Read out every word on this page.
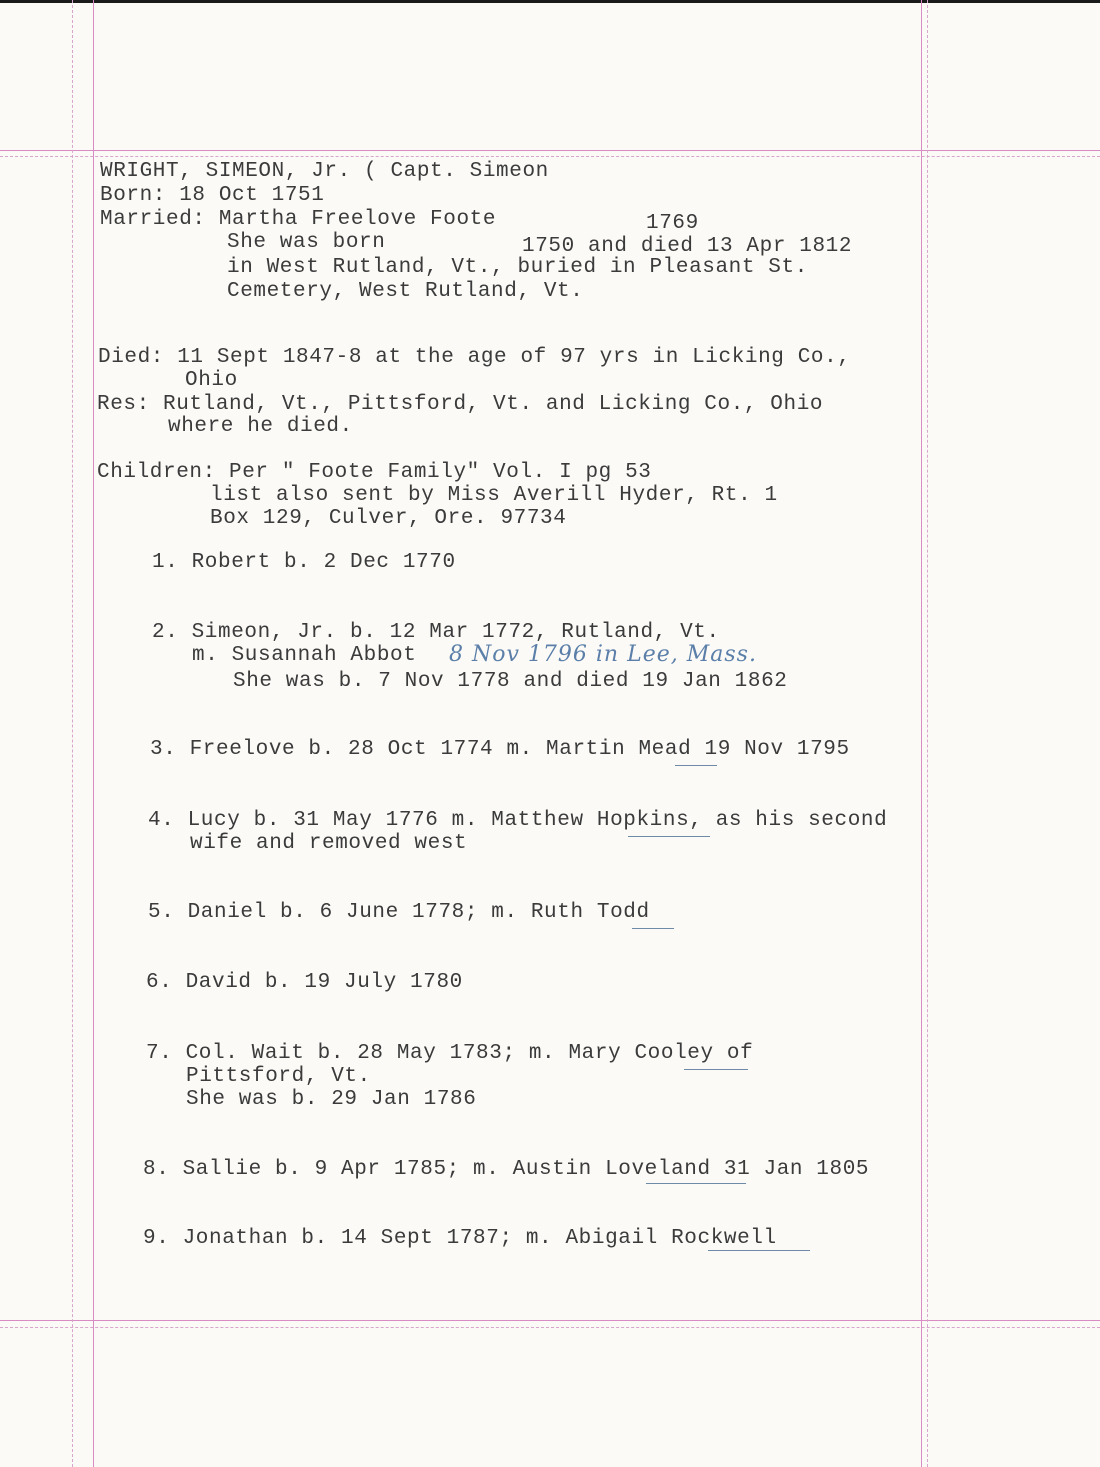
WRIGHT, SIMEON, Jr. ( Capt. Simeon
Born: 18 Oct 1751
Married: Martha Freelove Foote	1769
She was born	1750 and died 13 Apr 1812
in West Rutland, Vt., buried in Pleasant St.
Cemetery, West Rutland, Vt.
Died: 11 Sept 1847-8 at the age of 97 yrs in Licking Co.,
Ohio
Res: Rutland, Vt., Pittsford, Vt. and Licking Co., Ohio
where he died.
Children: Per " Foote Family" Vol. I pg 53
list also sent by Miss Averill Hyder, Rt. 1
Box 129, Culver, Ore. 97734
1. Robert b. 2 Dec 1770
2. Simeon, Jr. b. 12 Mar 1772, Rutland, Vt.
m. Susannah Abbot 8 Nov 1796 in Lee, Mass.
She was b. 7 Nov 1778 and died 19 Jan 1862
3. Freelove b. 28 Oct 1774 m. Martin Mead 19 Nov 1795
4. Lucy b. 31 May 1776 m. Matthew Hopkins, as his second
wife and removed west
5. Daniel b. 6 June 1778; m. Ruth Todd
6. David b. 19 July 1780
7. Col. Wait b. 28 May 1783; m. Mary Cooley of
Pittsford, Vt.
She was b. 29 Jan 1786
8. Sallie b. 9 Apr 1785; m. Austin Loveland 31 Jan 1805
9. Jonathan b. 14 Sept 1787; m. Abigail Rockwell
